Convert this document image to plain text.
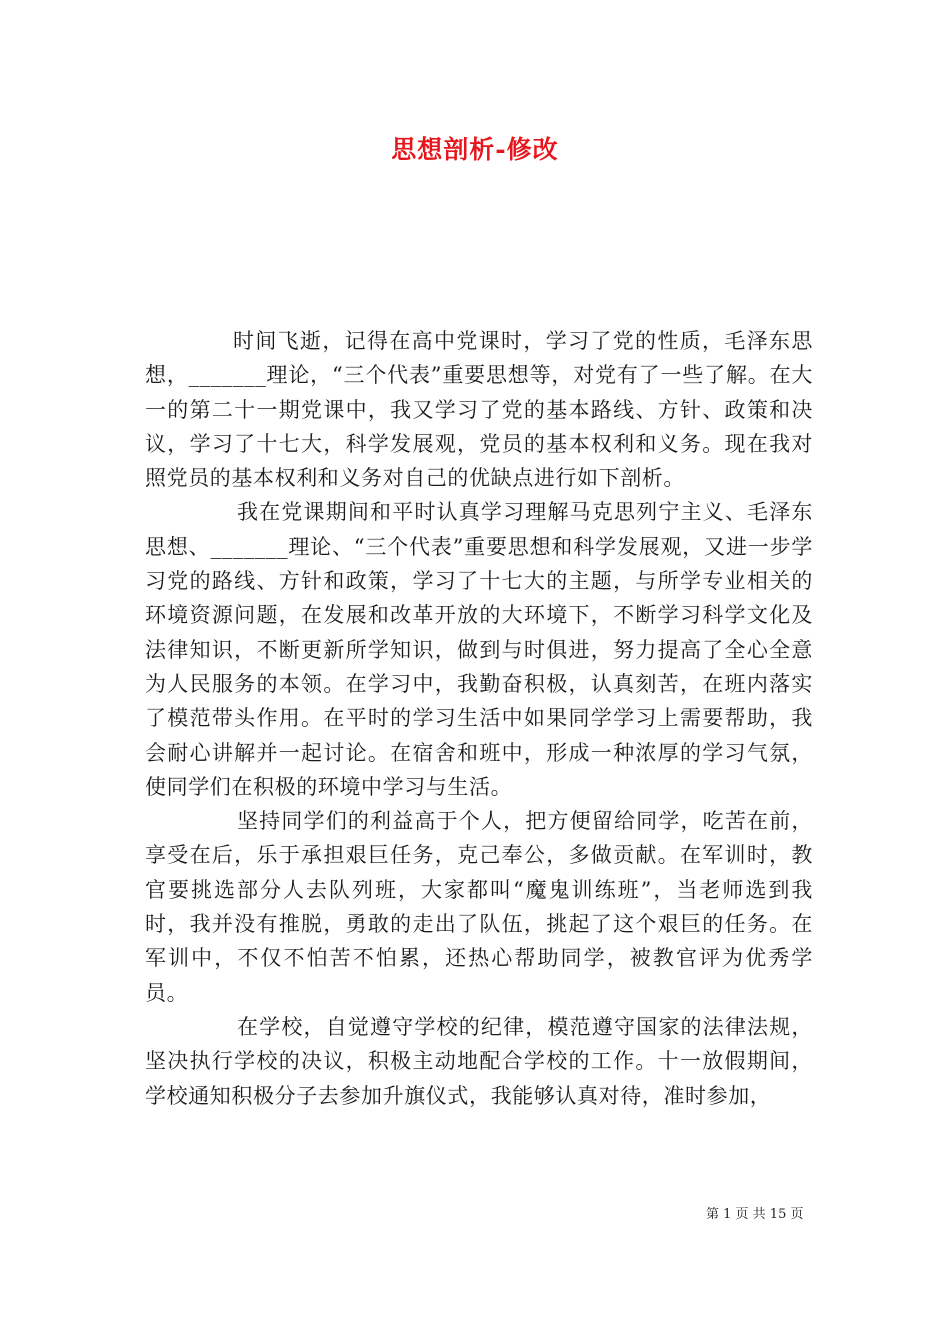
思想剖析-修改

时间飞逝，记得在高中党课时，学习了党的性质，毛泽东思想，_______理论，“三个代表”重要思想等，对党有了一些了解。在大一的第二十一期党课中，我又学习了党的基本路线、方针、政策和决议，学习了十七大，科学发展观，党员的基本权利和义务。现在我对照党员的基本权利和义务对自己的优缺点进行如下剖析。

我在党课期间和平时认真学习理解马克思列宁主义、毛泽东思想、_______理论、“三个代表”重要思想和科学发展观，又进一步学习党的路线、方针和政策，学习了十七大的主题，与所学专业相关的环境资源问题，在发展和改革开放的大环境下，不断学习科学文化及法律知识，不断更新所学知识，做到与时俱进，努力提高了全心全意为人民服务的本领。在学习中，我勤奋积极，认真刻苦，在班内落实了模范带头作用。在平时的学习生活中如果同学学习上需要帮助，我会耐心讲解并一起讨论。在宿舍和班中，形成一种浓厚的学习气氛，使同学们在积极的环境中学习与生活。

坚持同学们的利益高于个人，把方便留给同学，吃苦在前，享受在后，乐于承担艰巨任务，克己奉公，多做贡献。在军训时，教官要挑选部分人去队列班，大家都叫“魔鬼训练班”，当老师选到我时，我并没有推脱，勇敢的走出了队伍，挑起了这个艰巨的任务。在军训中，不仅不怕苦不怕累，还热心帮助同学，被教官评为优秀学员。

在学校，自觉遵守学校的纪律，模范遵守国家的法律法规，坚决执行学校的决议，积极主动地配合学校的工作。十一放假期间，学校通知积极分子去参加升旗仪式，我能够认真对待，准时参加，

第 1 页 共 15 页
